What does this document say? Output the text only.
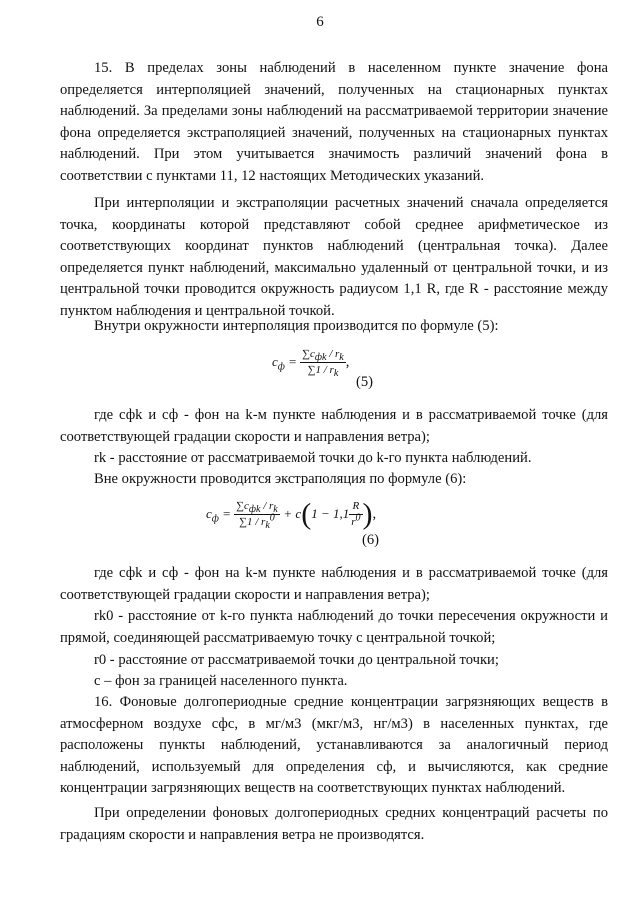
6

15. В пределах зоны наблюдений в населенном пункте значение фона определяется интерполяцией значений, полученных на стационарных пунктах наблюдений. За пределами зоны наблюдений на рассматриваемой территории значение фона определяется экстраполяцией значений, полученных на стационарных пунктах наблюдений. При этом учитывается значимость различий значений фона в соответствии с пунктами 11, 12 настоящих Методических указаний.

При интерполяции и экстраполяции расчетных значений сначала определяется точка, координаты которой представляют собой среднее арифметическое из соответствующих координат пунктов наблюдений (центральная точка). Далее определяется пункт наблюдений, максимально удаленный от центральной точки, и из центральной точки проводится окружность радиусом 1,1 R, где R - расстояние между пунктом наблюдения и центральной точкой.

Внутри окружности интерполяция производится по формуле (5):

$c_ф = \frac{\sum c_{фk} / r_k}{\sum 1 / r_k}$ ,
(5)

где сфk и сф - фон на k-м пункте наблюдения и в рассматриваемой точке (для соответствующей градации скорости и направления ветра);

rk - расстояние от рассматриваемой точки до k-го пункта наблюдений.

Вне окружности проводится экстраполяция по формуле (6):

$c_ф = \frac{\sum c_{фk} / r_k}{\sum 1 / r_k^0} + c(1 - 1,1 \frac{R}{r^0}$ ),
(6)

где сфk и сф - фон на k-м пункте наблюдения и в рассматриваемой точке (для соответствующей градации скорости и направления ветра);

rk0 - расстояние от k-го пункта наблюдений до точки пересечения окружности и прямой, соединяющей рассматриваемую точку с центральной точкой;

r0 - расстояние от рассматриваемой точки до центральной точки;

с – фон за границей населенного пункта.

16. Фоновые долгопериодные средние концентрации загрязняющих веществ в атмосферном воздухе сфс, в мг/м3 (мкг/м3, нг/м3) в населенных пунктах, где расположены пункты наблюдений, устанавливаются за аналогичный период наблюдений, используемый для определения сф, и вычисляются, как средние концентрации загрязняющих веществ на соответствующих пунктах наблюдений.

При определении фоновых долгопериодных средних концентраций расчеты по градациям скорости и направления ветра не производятся.
